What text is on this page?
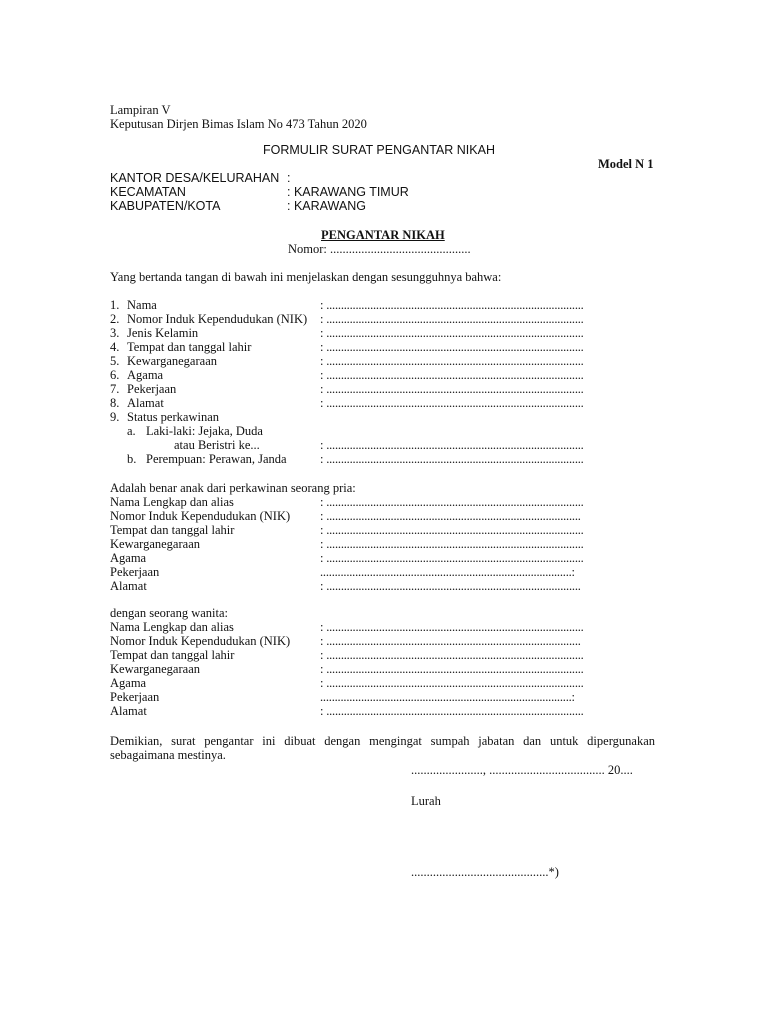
Lampiran V
Keputusan Dirjen Bimas Islam No 473 Tahun 2020
FORMULIR SURAT PENGANTAR NIKAH
Model N 1
KANTOR DESA/KELURAHAN :
KECAMATAN	: KARAWANG TIMUR
KABUPATEN/KOTA	: KARAWANG
PENGANTAR NIKAH
Nomor: .............................................
Yang bertanda tangan di bawah ini menjelaskan dengan sesungguhnya bahwa:
1. Nama	: ........................................................................................
2. Nomor Induk Kependudukan (NIK) : ........................................................................................
3. Jenis Kelamin	: ........................................................................................
4. Tempat dan tanggal lahir	: ........................................................................................
5. Kewarganegaraan	: ........................................................................................
6. Agama	: ........................................................................................
7. Pekerjaan	: ........................................................................................
8. Alamat	: ........................................................................................
9. Status perkawinan
a. Laki-laki: Jejaka, Duda
atau Beristri ke...	: ........................................................................................
b. Perempuan: Perawan, Janda	: ........................................................................................
Adalah benar anak dari perkawinan seorang pria:
Nama Lengkap dan alias	: ........................................................................................
Nomor Induk Kependudukan (NIK) : .......................................................................................
Tempat dan tanggal lahir	: ........................................................................................
Kewarganegaraan	: ........................................................................................
Agama	: ........................................................................................
Pekerjaan	......................................................................................:
Alamat	: .......................................................................................
dengan seorang wanita:
Nama Lengkap dan alias	: ........................................................................................
Nomor Induk Kependudukan (NIK) : .......................................................................................
Tempat dan tanggal lahir	: ........................................................................................
Kewarganegaraan	: ........................................................................................
Agama	: ........................................................................................
Pekerjaan	......................................................................................:
Alamat	: ........................................................................................
Demikian, surat pengantar ini dibuat dengan mengingat sumpah jabatan dan untuk dipergunakan
sebagaimana mestinya.
......................., ..................................... 20....
Lurah
............................................*)
